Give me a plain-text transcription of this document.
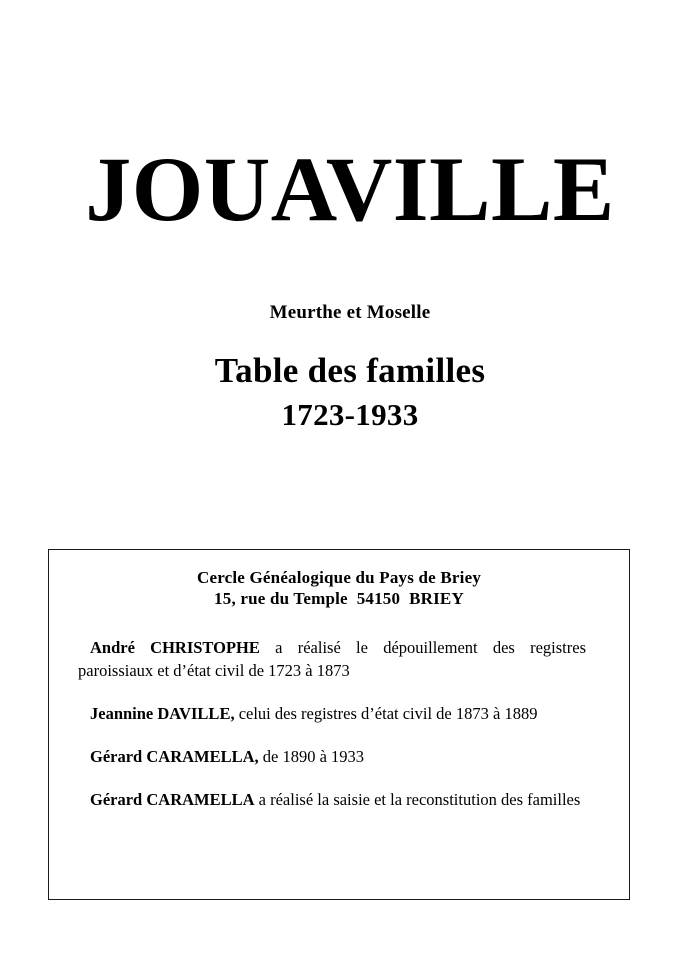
JOUAVILLE
Meurthe et Moselle
Table des familles
1723-1933
Cercle Généalogique du Pays de Briey
15, rue du Temple  54150  BRIEY

André CHRISTOPHE a réalisé le dépouillement des registres paroissiaux et d’état civil de 1723 à 1873

Jeannine DAVILLE, celui des registres d’état civil de 1873 à 1889

Gérard CARAMELLA, de 1890 à 1933

Gérard CARAMELLA a réalisé la saisie et la reconstitution des familles
